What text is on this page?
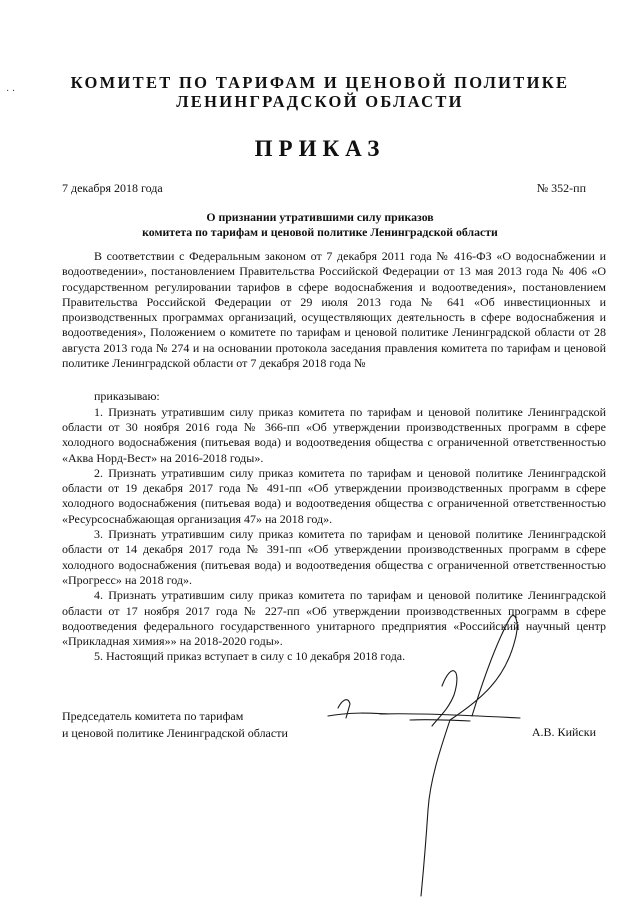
· ·	КОМИТЕТ ПО ТАРИФАМ И ЦЕНОВОЙ ПОЛИТИКЕ
ЛЕНИНГРАДСКОЙ ОБЛАСТИ
ПРИКАЗ
7 декабря 2018 года	№ 352-пп
О признании утратившими силу приказов
комитета по тарифам и ценовой политике Ленинградской области

В соответствии с Федеральным законом от 7 декабря 2011 года № 416-ФЗ «О водоснабжении и водоотведении», постановлением Правительства Российской Федерации от 13 мая 2013 года № 406 «О государственном регулировании тарифов в сфере водоснабжения и водоотведения», постановлением Правительства Российской Федерации от 29 июля 2013 года № 641 «Об инвестиционных и производственных программах организаций, осуществляющих деятельность в сфере водоснабжения и водоотведения», Положением о комитете по тарифам и ценовой политике Ленинградской области от 28 августа 2013 года № 274 и на основании протокола заседания правления комитета по тарифам и ценовой политике Ленинградской области от 7 декабря 2018 года №

приказываю:

1. Признать утратившим силу приказ комитета по тарифам и ценовой политике Ленинградской области от 30 ноября 2016 года № 366-пп «Об утверждении производственных программ в сфере холодного водоснабжения (питьевая вода) и водоотведения общества с ограниченной ответственностью «Аква Норд-Вест» на 2016-2018 годы».

2. Признать утратившим силу приказ комитета по тарифам и ценовой политике Ленинградской области от 19 декабря 2017 года № 491-пп «Об утверждении производственных программ в сфере холодного водоснабжения (питьевая вода) и водоотведения общества с ограниченной ответственностью «Ресурсоснабжающая организация 47» на 2018 год».

3. Признать утратившим силу приказ комитета по тарифам и ценовой политике Ленинградской области от 14 декабря 2017 года № 391-пп «Об утверждении производственных программ в сфере холодного водоснабжения (питьевая вода) и водоотведения общества с ограниченной ответственностью «Прогресс» на 2018 год».

4. Признать утратившим силу приказ комитета по тарифам и ценовой политике Ленинградской области от 17 ноября 2017 года № 227-пп «Об утверждении производственных программ в сфере водоотведения федерального государственного унитарного предприятия «Российский научный центр «Прикладная химия»» на 2018-2020 годы».

5. Настоящий приказ вступает в силу с 10 декабря 2018 года.

Председатель комитета по тарифам
и ценовой политике Ленинградской области	А.В. Кийски
